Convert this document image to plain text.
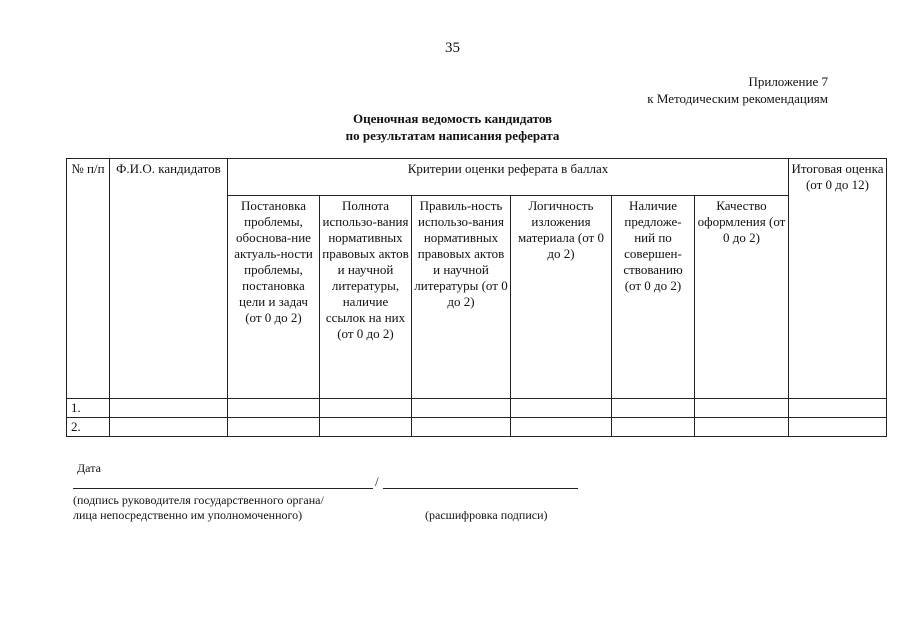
35
Приложение 7
к Методическим рекомендациям
Оценочная ведомость кандидатов
по результатам написания реферата
№ п/п	Ф.И.О. кандидатов	Критерии оценки реферата в баллах						Итоговая оценка (от 0 до 12)
		Постановка проблемы, обоснова-ние актуаль-ности проблемы, постановка цели и задач (от 0 до 2)	Полнота использо-вания нормативных правовых актов и научной литературы, наличие ссылок на них (от 0 до 2)	Правиль-ность использо-вания нормативных правовых актов и научной литературы (от 0 до 2)	Логичность изложения материала (от 0 до 2)	Наличие предложе-ний по совершен-ствованию (от 0 до 2)	Качество оформления (от 0 до 2)	
1.								
2.								
Дата
/
(подпись руководителя государственного органа/
лица непосредственно им уполномоченного)	(расшифровка подписи)
